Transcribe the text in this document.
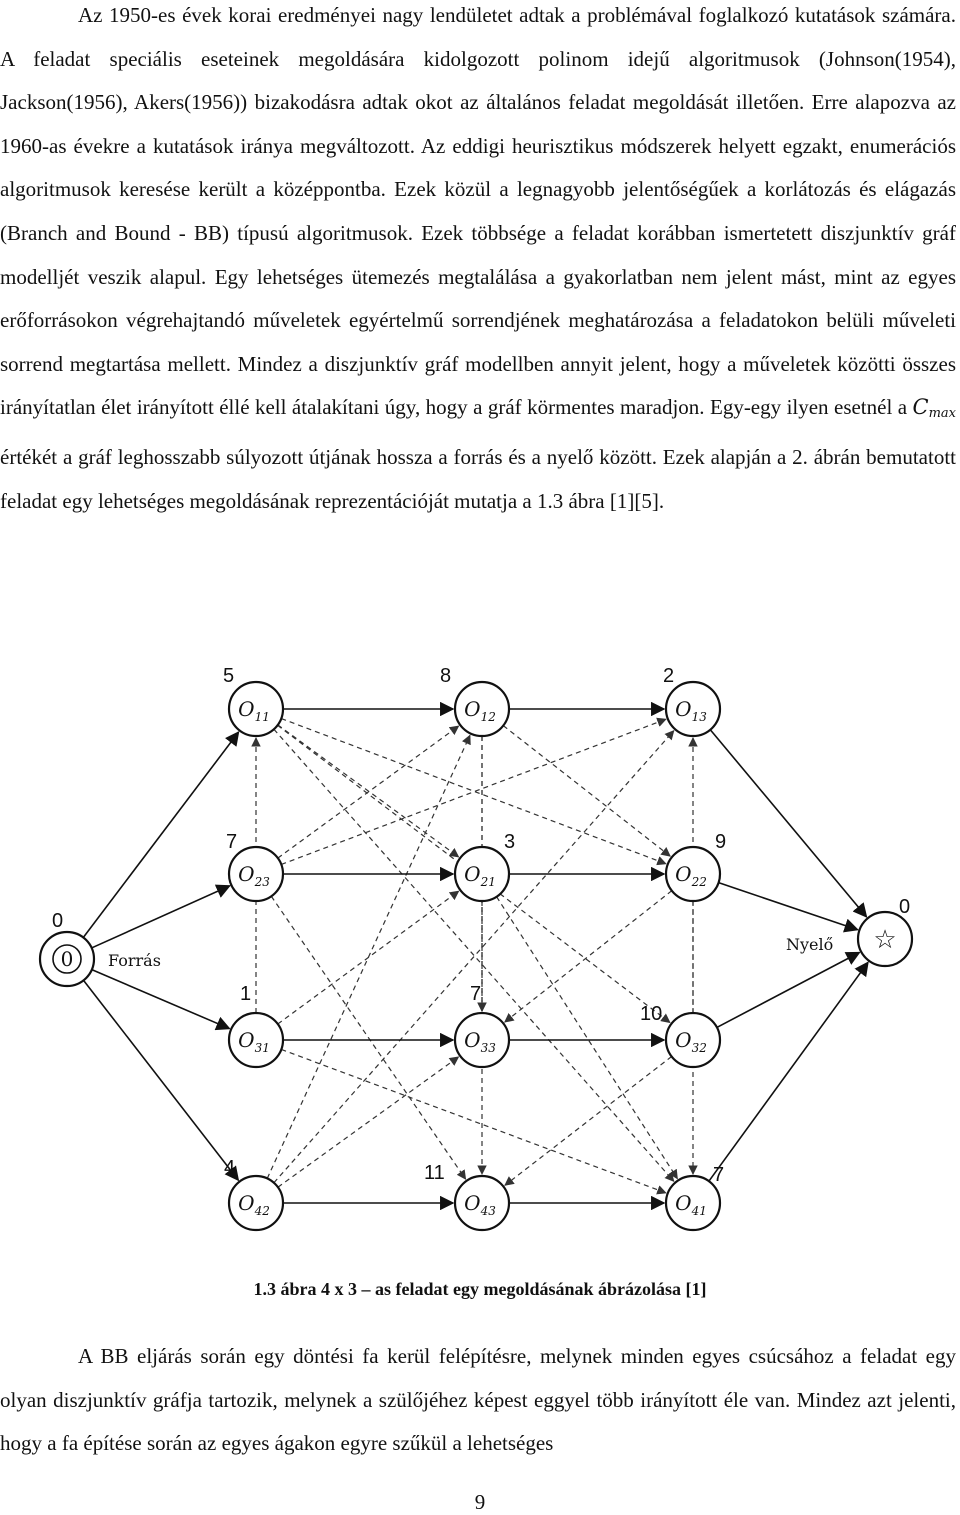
Az 1950-es évek korai eredményei nagy lendületet adtak a problémával foglalkozó kutatások számára. A feladat speciális eseteinek megoldására kidolgozott polinom idejű algoritmusok (Johnson(1954), Jackson(1956), Akers(1956)) bizakodásra adtak okot az általános feladat megoldását illetően. Erre alapozva az 1960-as évekre a kutatások iránya megváltozott. Az eddigi heurisztikus módszerek helyett egzakt, enumerációs algoritmusok keresése került a középpontba. Ezek közül a legnagyobb jelentőségűek a korlátozás és elágazás (Branch and Bound - BB) típusú algoritmusok. Ezek többsége a feladat korábban ismertetett diszjunktív gráf modelljét veszik alapul. Egy lehetséges ütemezés megtalálása a gyakorlatban nem jelent mást, mint az egyes erőforrásokon végrehajtandó műveletek egyértelmű sorrendjének meghatározása a feladatokon belüli műveleti sorrend megtartása mellett. Mindez a diszjunktív gráf modellben annyit jelent, hogy a műveletek közötti összes irányítatlan élet irányított éllé kell átalakítani úgy, hogy a gráf körmentes maradjon. Egy-egy ilyen esetnél a $C_{max}$ értékét a gráf leghosszabb súlyozott útjának hossza a forrás és a nyelő között. Ezek alapján a 2. ábrán bemutatott feladat egy lehetséges megoldásának reprezentációját mutatja a 1.3 ábra [1][5].

0
0
Forrás
☆
0
Nyelő
$O_{11}$
5
$O_{12}$
8
$O_{13}$
2
$O_{23}$
7
$O_{21}$
3
$O_{22}$
9
$O_{31}$
1
$O_{33}$
7
$O_{32}$
10
$O_{42}$
4
$O_{43}$
11
$O_{41}$
7

1.3 ábra 4 x 3 – as feladat egy megoldásának ábrázolása [1]

A BB eljárás során egy döntési fa kerül felépítésre, melynek minden egyes csúcsához a feladat egy olyan diszjunktív gráfja tartozik, melynek a szülőjéhez képest eggyel több irányított éle van. Mindez azt jelenti, hogy a fa építése során az egyes ágakon egyre szűkül a lehetséges

9
